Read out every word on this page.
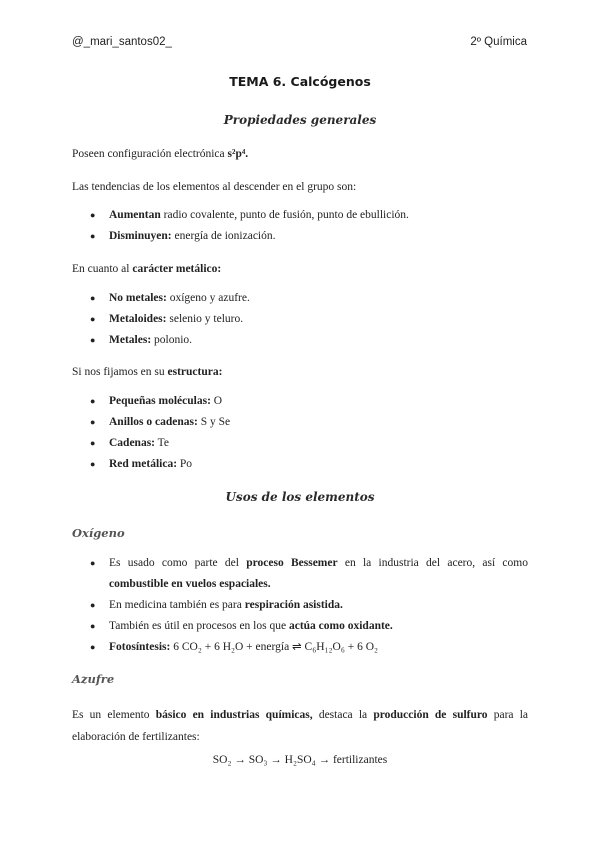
@_mari_santos02_	2º Química
TEMA 6. Calcógenos
Propiedades generales
Poseen configuración electrónica s²p⁴.
Las tendencias de los elementos al descender en el grupo son:
● Aumentan radio covalente, punto de fusión, punto de ebullición.
● Disminuyen: energía de ionización.
En cuanto al carácter metálico:
● No metales: oxígeno y azufre.
● Metaloides: selenio y teluro.
● Metales: polonio.
Si nos fijamos en su estructura:
● Pequeñas moléculas: O
● Anillos o cadenas: S y Se
● Cadenas: Te
● Red metálica: Po
Usos de los elementos
Oxígeno
● Es usado como parte del proceso Bessemer en la industria del acero, así como
combustible en vuelos espaciales.
● En medicina también es para respiración asistida.
● También es útil en procesos en los que actúa como oxidante.
● Fotosíntesis: 6 CO₂ + 6 H₂O + energía ⇌ C₆H₁₂O₆ + 6 O₂
Azufre
Es un elemento básico en industrias químicas, destaca la producción de sulfuro para la
elaboración de fertilizantes:
SO₂ → SO₃ → H₂SO₄ → fertilizantes
